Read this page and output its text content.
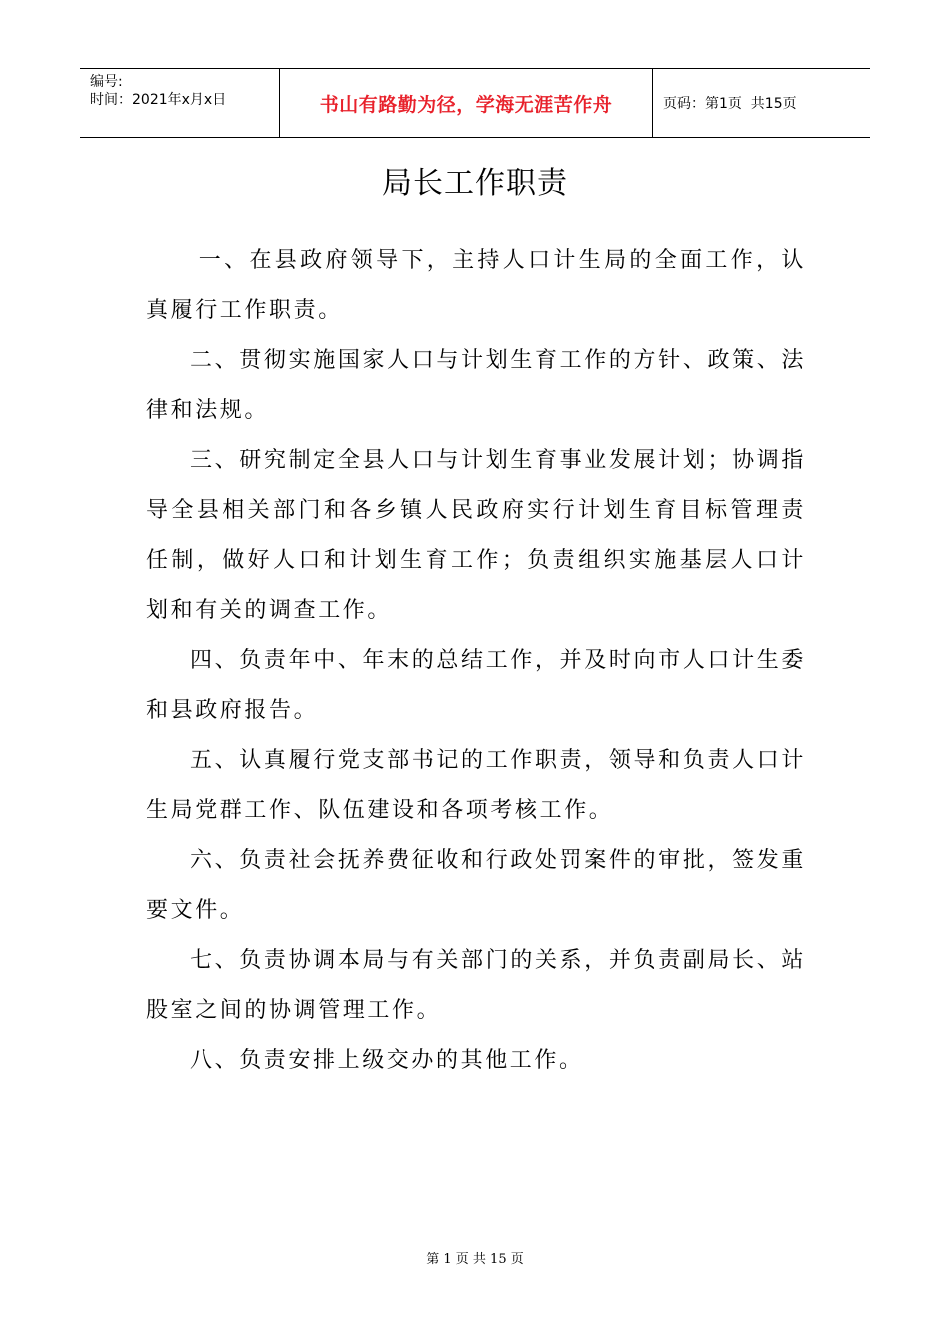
编号:
时间：2021年x月x日	书山有路勤为径，学海无涯苦作舟	页码：第1页  共15页
局长工作职责

一、在县政府领导下，主持人口计生局的全面工作，认真履行工作职责。

二、贯彻实施国家人口与计划生育工作的方针、政策、法律和法规。

三、研究制定全县人口与计划生育事业发展计划；协调指导全县相关部门和各乡镇人民政府实行计划生育目标管理责任制，做好人口和计划生育工作；负责组织实施基层人口计划和有关的调查工作。

四、负责年中、年末的总结工作，并及时向市人口计生委和县政府报告。

五、认真履行党支部书记的工作职责，领导和负责人口计生局党群工作、队伍建设和各项考核工作。

六、负责社会抚养费征收和行政处罚案件的审批，签发重要文件。

七、负责协调本局与有关部门的关系，并负责副局长、站股室之间的协调管理工作。

八、负责安排上级交办的其他工作。

第 1 页 共 15 页
